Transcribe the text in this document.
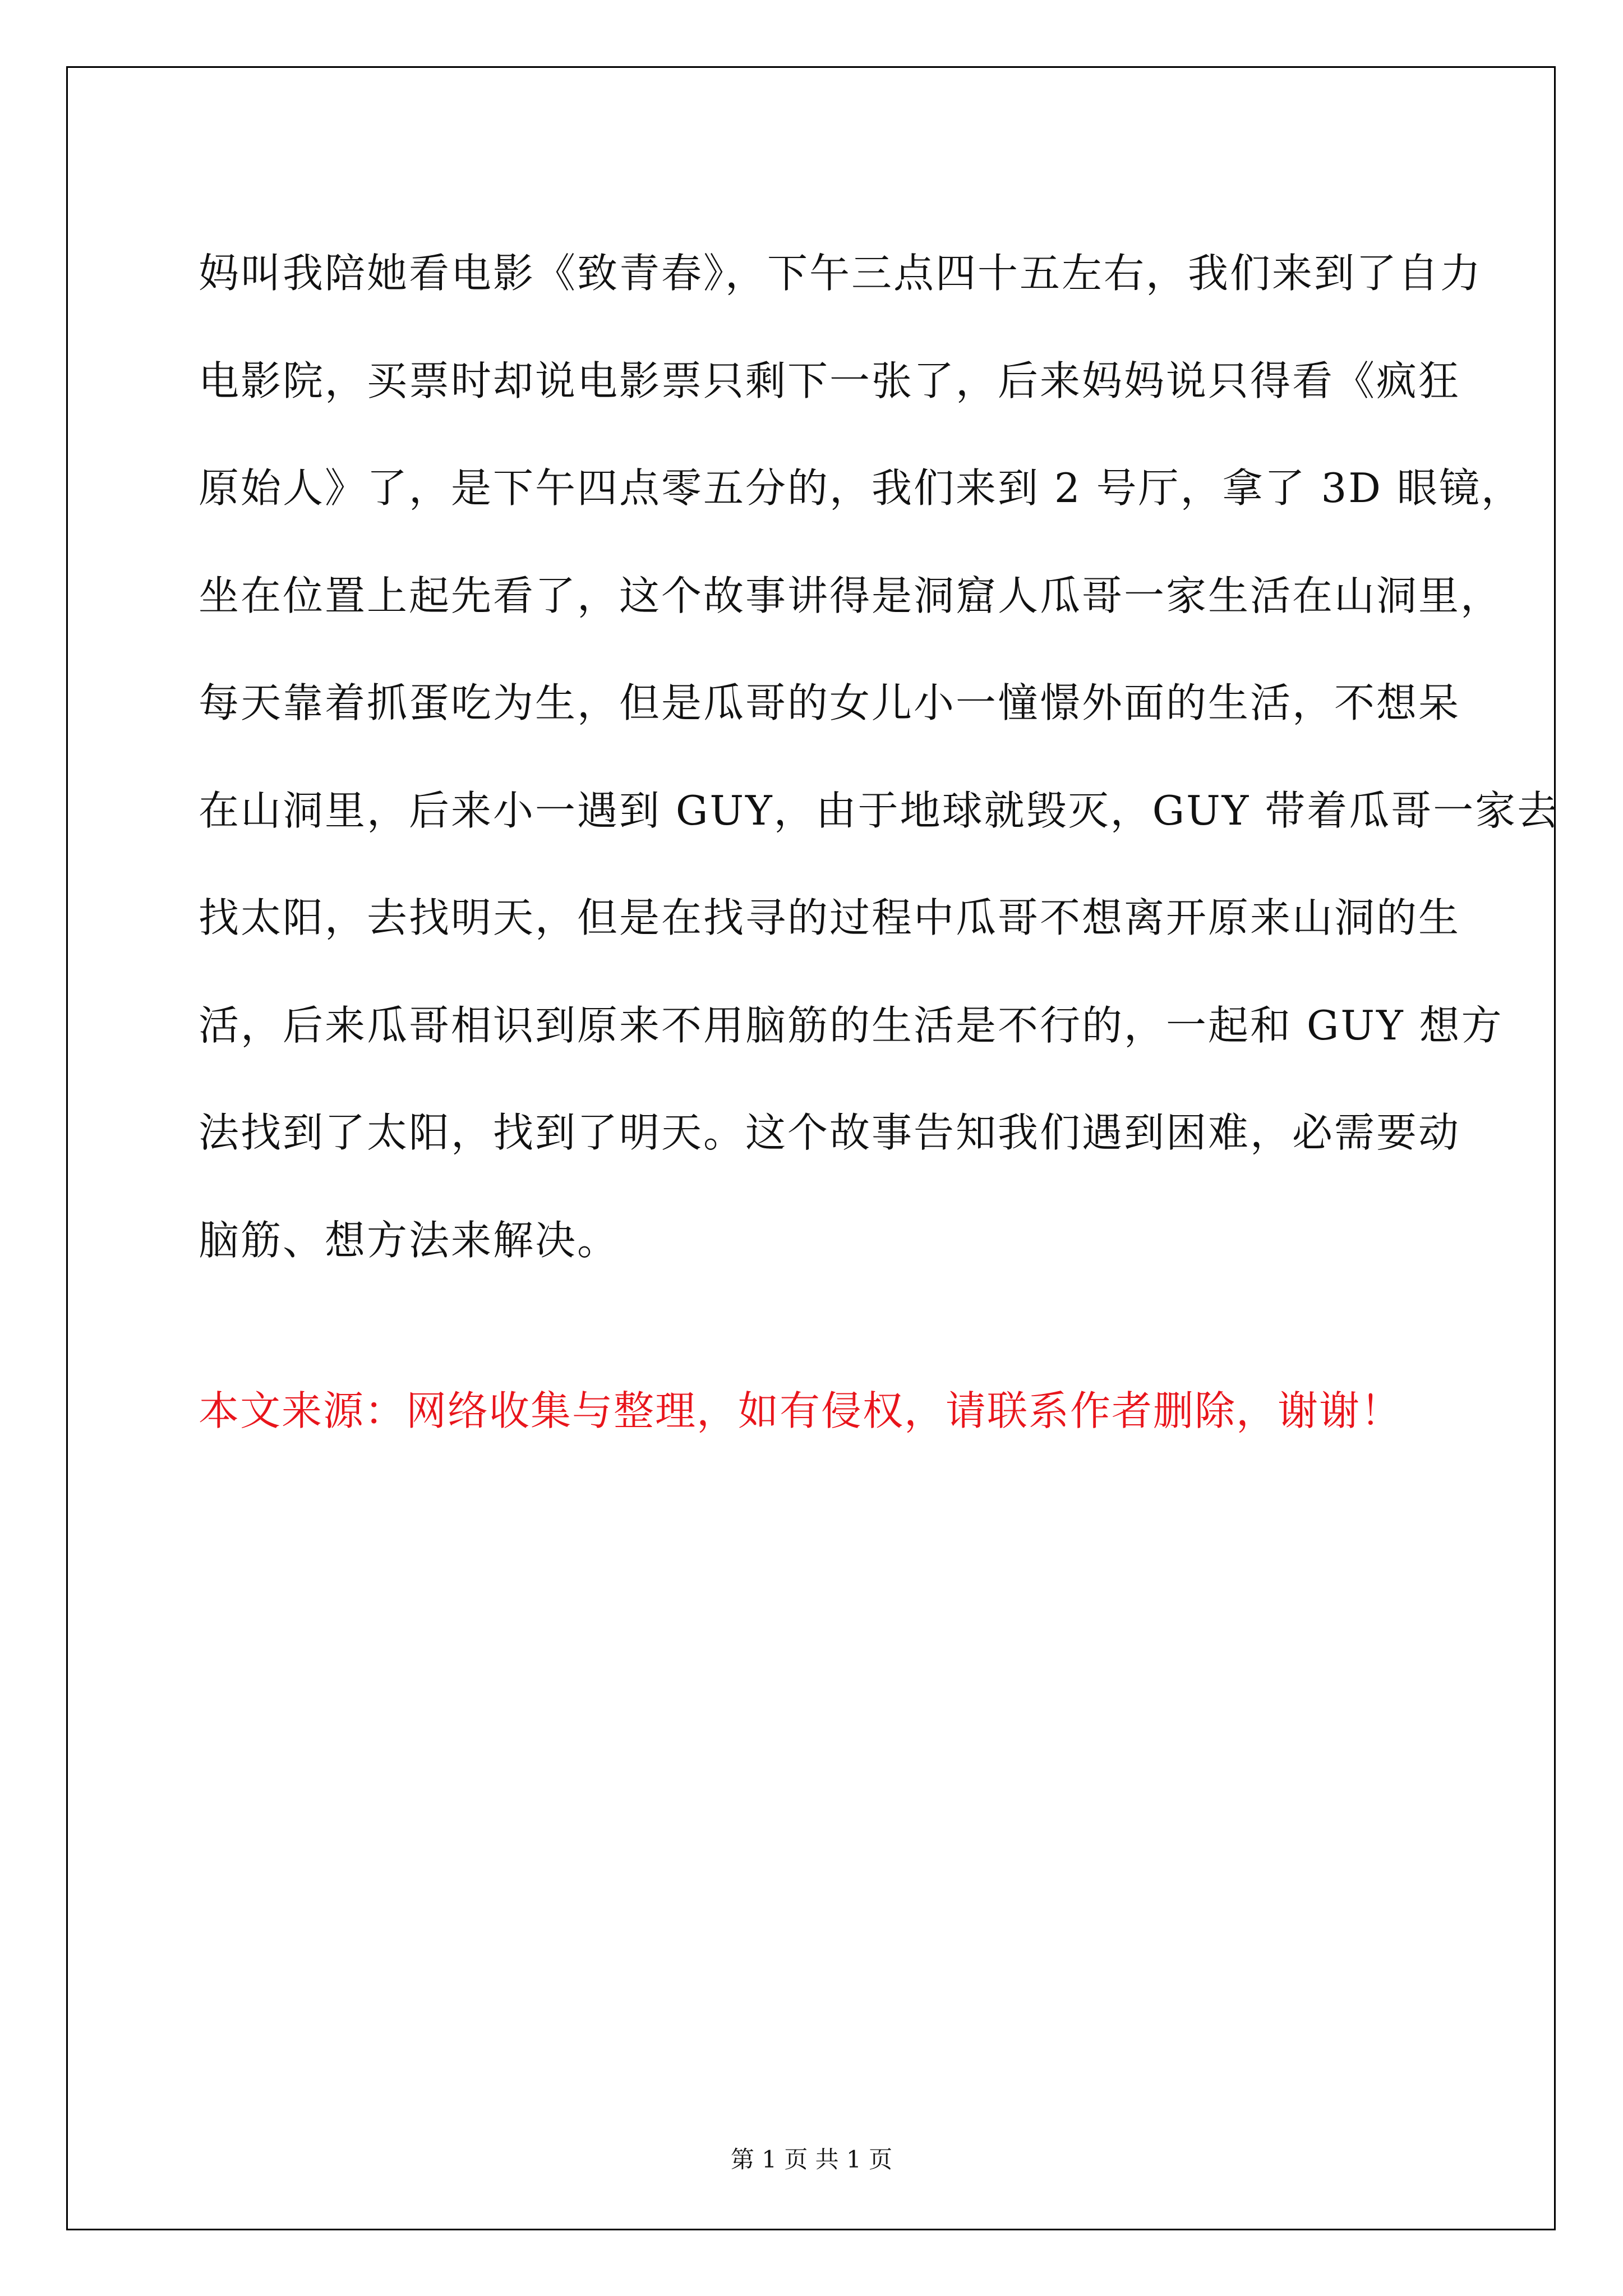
妈叫我陪她看电影《致青春》，下午三点四十五左右，我们来到了自力
电影院，买票时却说电影票只剩下一张了，后来妈妈说只得看《疯狂
原始人》了，是下午四点零五分的，我们来到 2 号厅，拿了 3D 眼镜，
坐在位置上起先看了，这个故事讲得是洞窟人瓜哥一家生活在山洞里，
每天靠着抓蛋吃为生，但是瓜哥的女儿小一憧憬外面的生活，不想呆
在山洞里，后来小一遇到 GUY，由于地球就毁灭，GUY 带着瓜哥一家去
找太阳，去找明天，但是在找寻的过程中瓜哥不想离开原来山洞的生
活，后来瓜哥相识到原来不用脑筋的生活是不行的，一起和 GUY 想方
法找到了太阳，找到了明天。这个故事告知我们遇到困难，必需要动
脑筋、想方法来解决。

本文来源：网络收集与整理，如有侵权，请联系作者删除，谢谢！

第 1 页 共 1 页
